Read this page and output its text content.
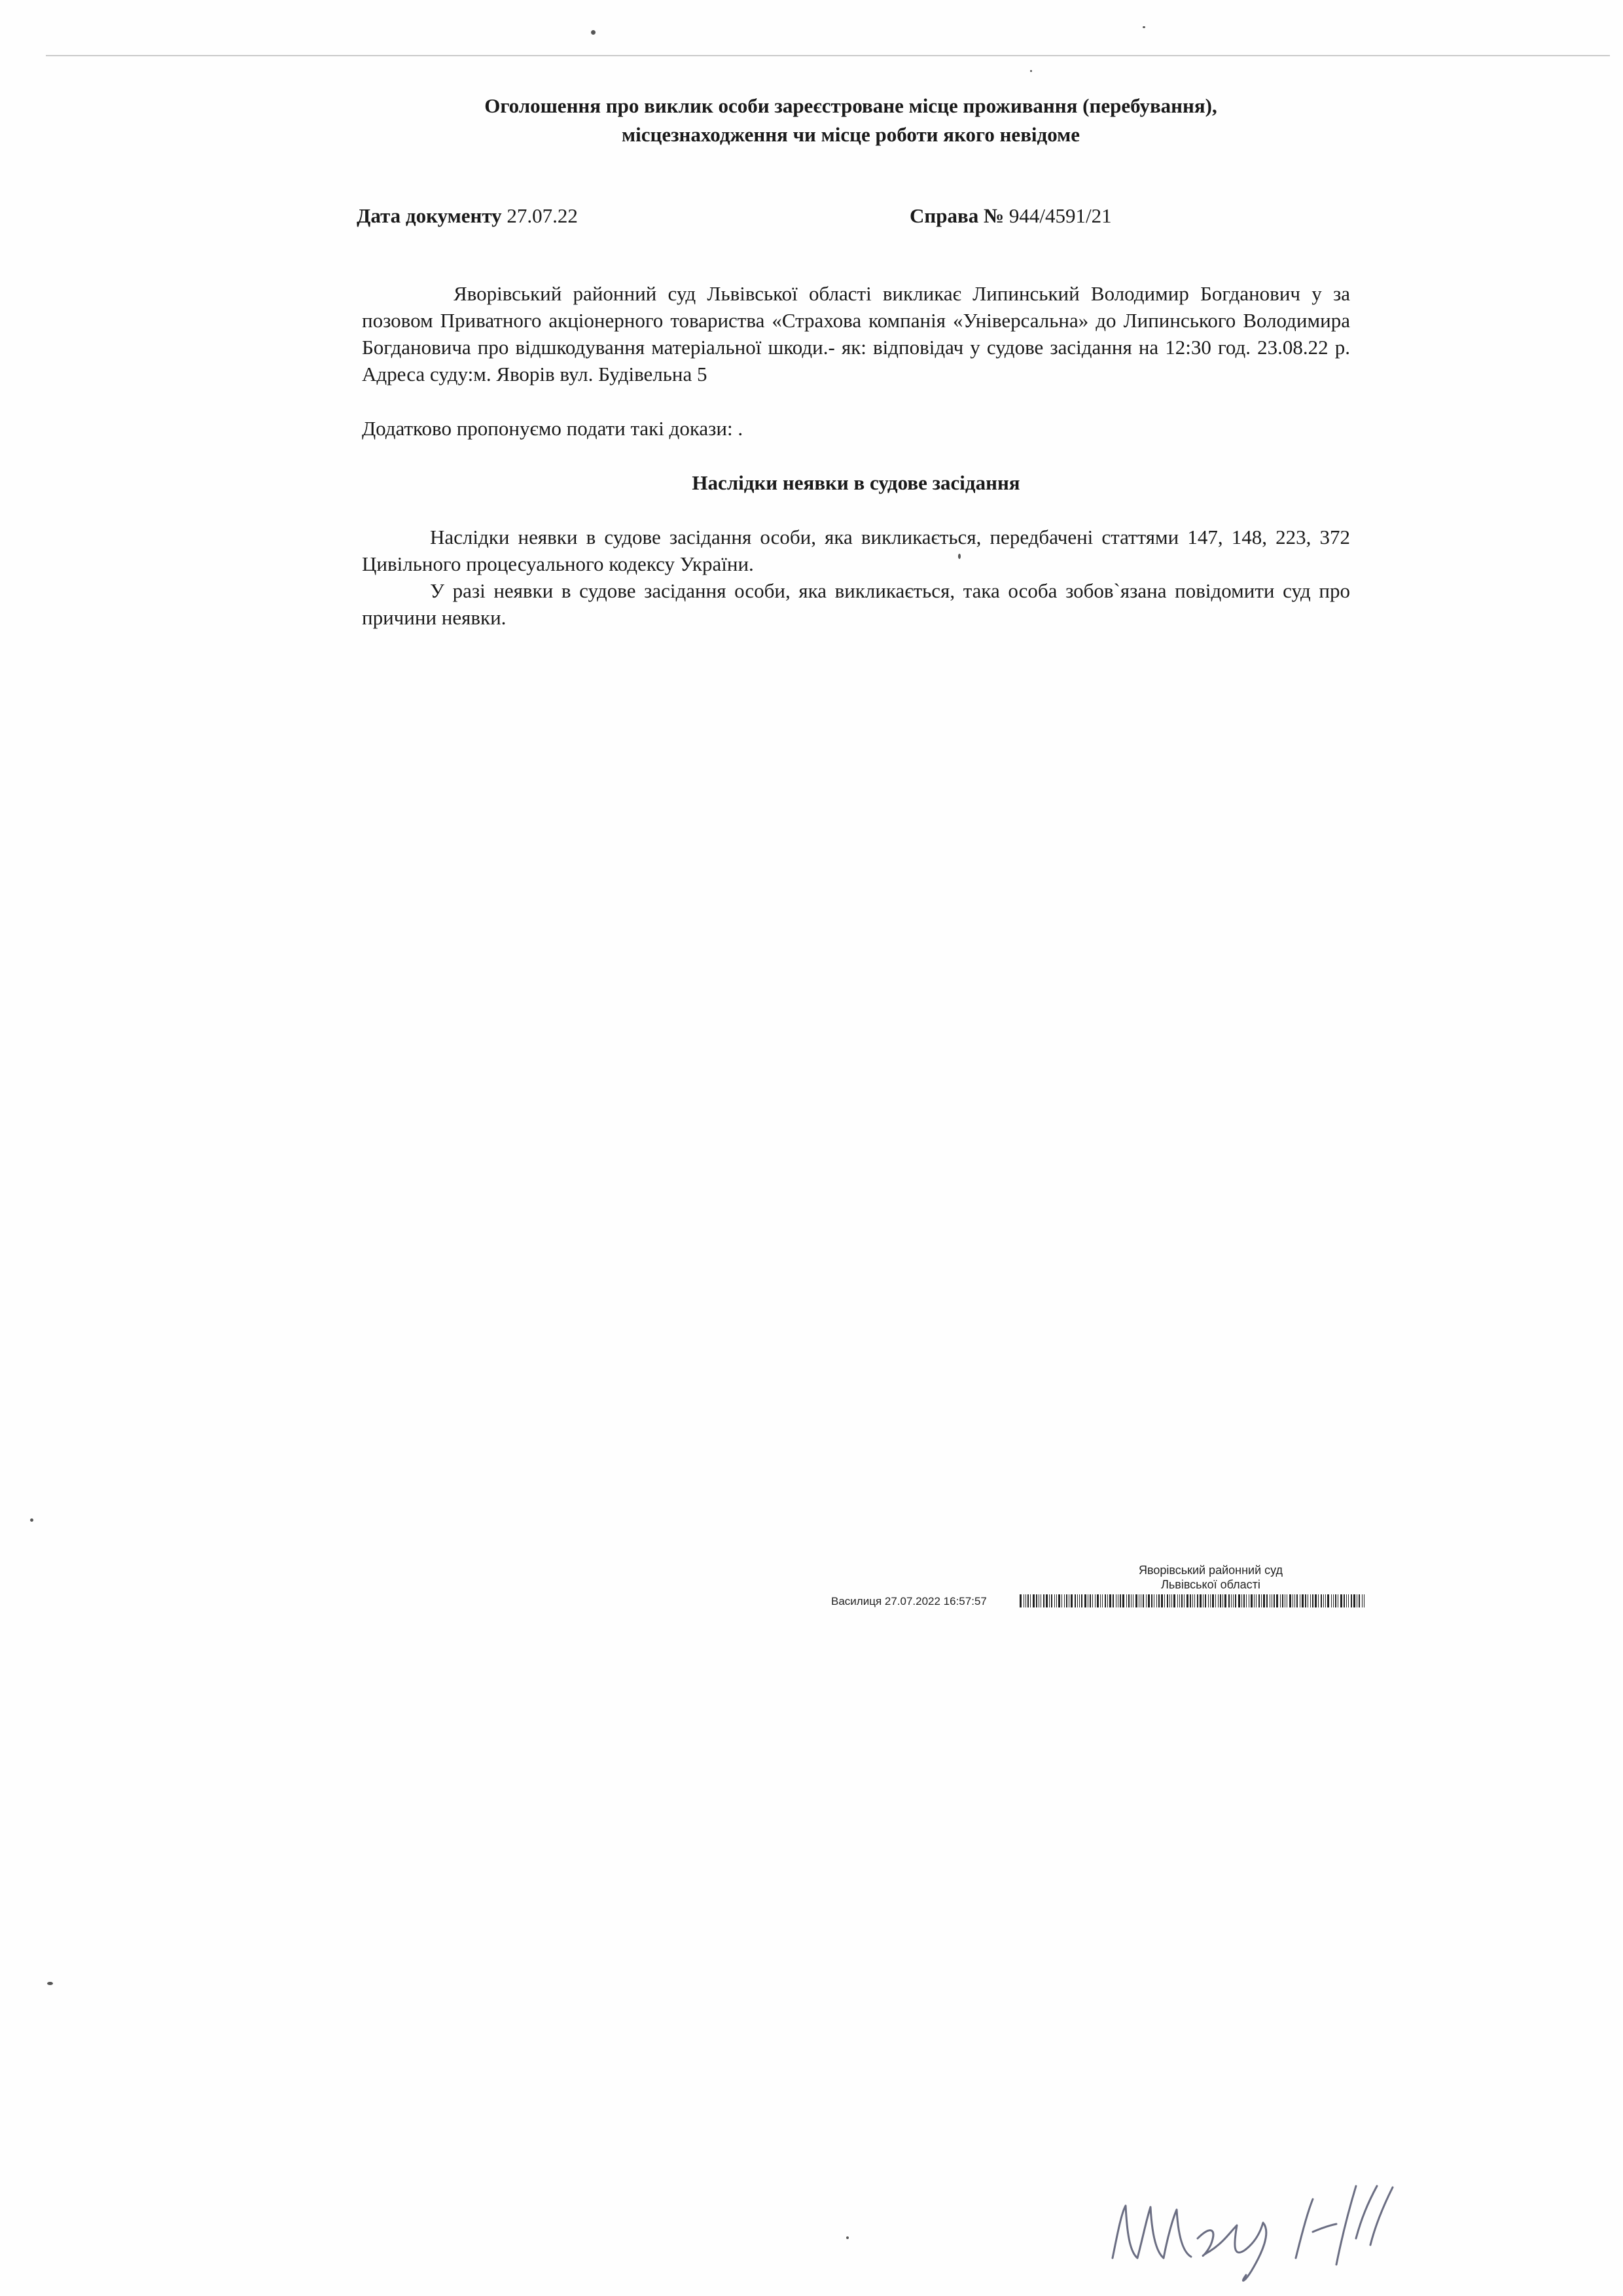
Оголошення про виклик особи зареєстроване місце проживання (перебування),
місцезнаходження чи місце роботи якого невідоме
Дата документу 27.07.22	Справа № 944/4591/21
Яворівський районний суд Львівської області викликає Липинський Володимир Богданович у за позовом Приватного акціонерного товариства «Страхова компанія «Універсальна» до Липинського Володимира Богдановича про відшкодування матеріальної шкоди.- як: відповідач у судове засідання на 12:30 год. 23.08.22 р. Адреса суду:м. Яворів вул. Будівельна 5
Додатково пропонуємо подати такі докази: .
Наслідки неявки в судове засідання
Наслідки неявки в судове засідання особи, яка викликається, передбачені статтями 147, 148, 223, 372 Цивільного процесуального кодексу України.
У разі неявки в судове засідання особи, яка викликається, така особа зобов`язана повідомити суд про причини неявки.
Яворівський районний суд
Львівської області
Василиця 27.07.2022 16:57:57
